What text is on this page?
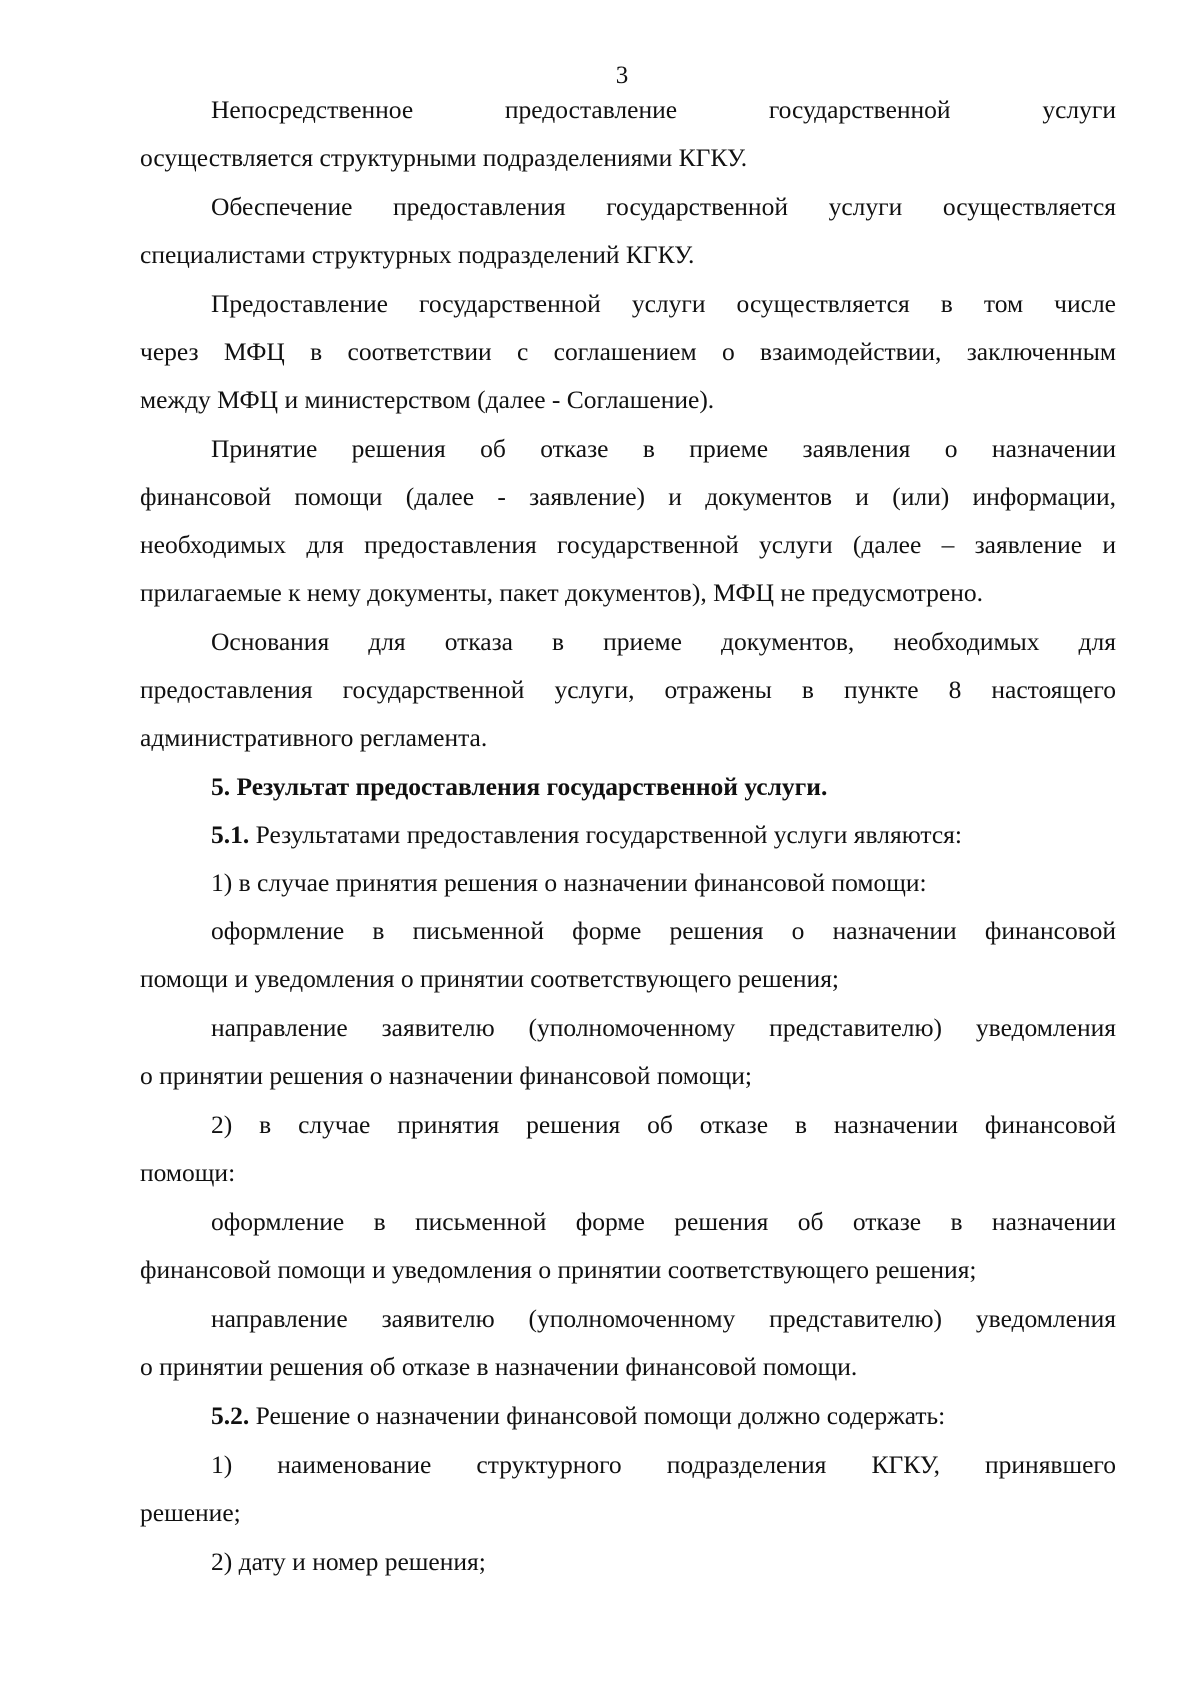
3
Непосредственное предоставление государственной услуги
осуществляется структурными подразделениями КГКУ.
Обеспечение предоставления государственной услуги осуществляется
специалистами структурных подразделений КГКУ.
Предоставление государственной услуги осуществляется в том числе
через МФЦ в соответствии с соглашением о взаимодействии, заключенным
между МФЦ и министерством (далее - Соглашение).
Принятие решения об отказе в приеме заявления о назначении
финансовой помощи (далее - заявление) и документов и (или) информации,
необходимых для предоставления государственной услуги (далее – заявление и
прилагаемые к нему документы, пакет документов), МФЦ не предусмотрено.
Основания для отказа в приеме документов, необходимых для
предоставления государственной услуги, отражены в пункте 8 настоящего
административного регламента.
5. Результат предоставления государственной услуги.
5.1. Результатами предоставления государственной услуги являются:
1) в случае принятия решения о назначении финансовой помощи:
оформление в письменной форме решения о назначении финансовой
помощи и уведомления о принятии соответствующего решения;
направление заявителю (уполномоченному представителю) уведомления
о принятии решения о назначении финансовой помощи;
2) в случае принятия решения об отказе в назначении финансовой
помощи:
оформление в письменной форме решения об отказе в назначении
финансовой помощи и уведомления о принятии соответствующего решения;
направление заявителю (уполномоченному представителю) уведомления
о принятии решения об отказе в назначении финансовой помощи.
5.2. Решение о назначении финансовой помощи должно содержать:
1) наименование структурного подразделения КГКУ, принявшего
решение;
2) дату и номер решения;
